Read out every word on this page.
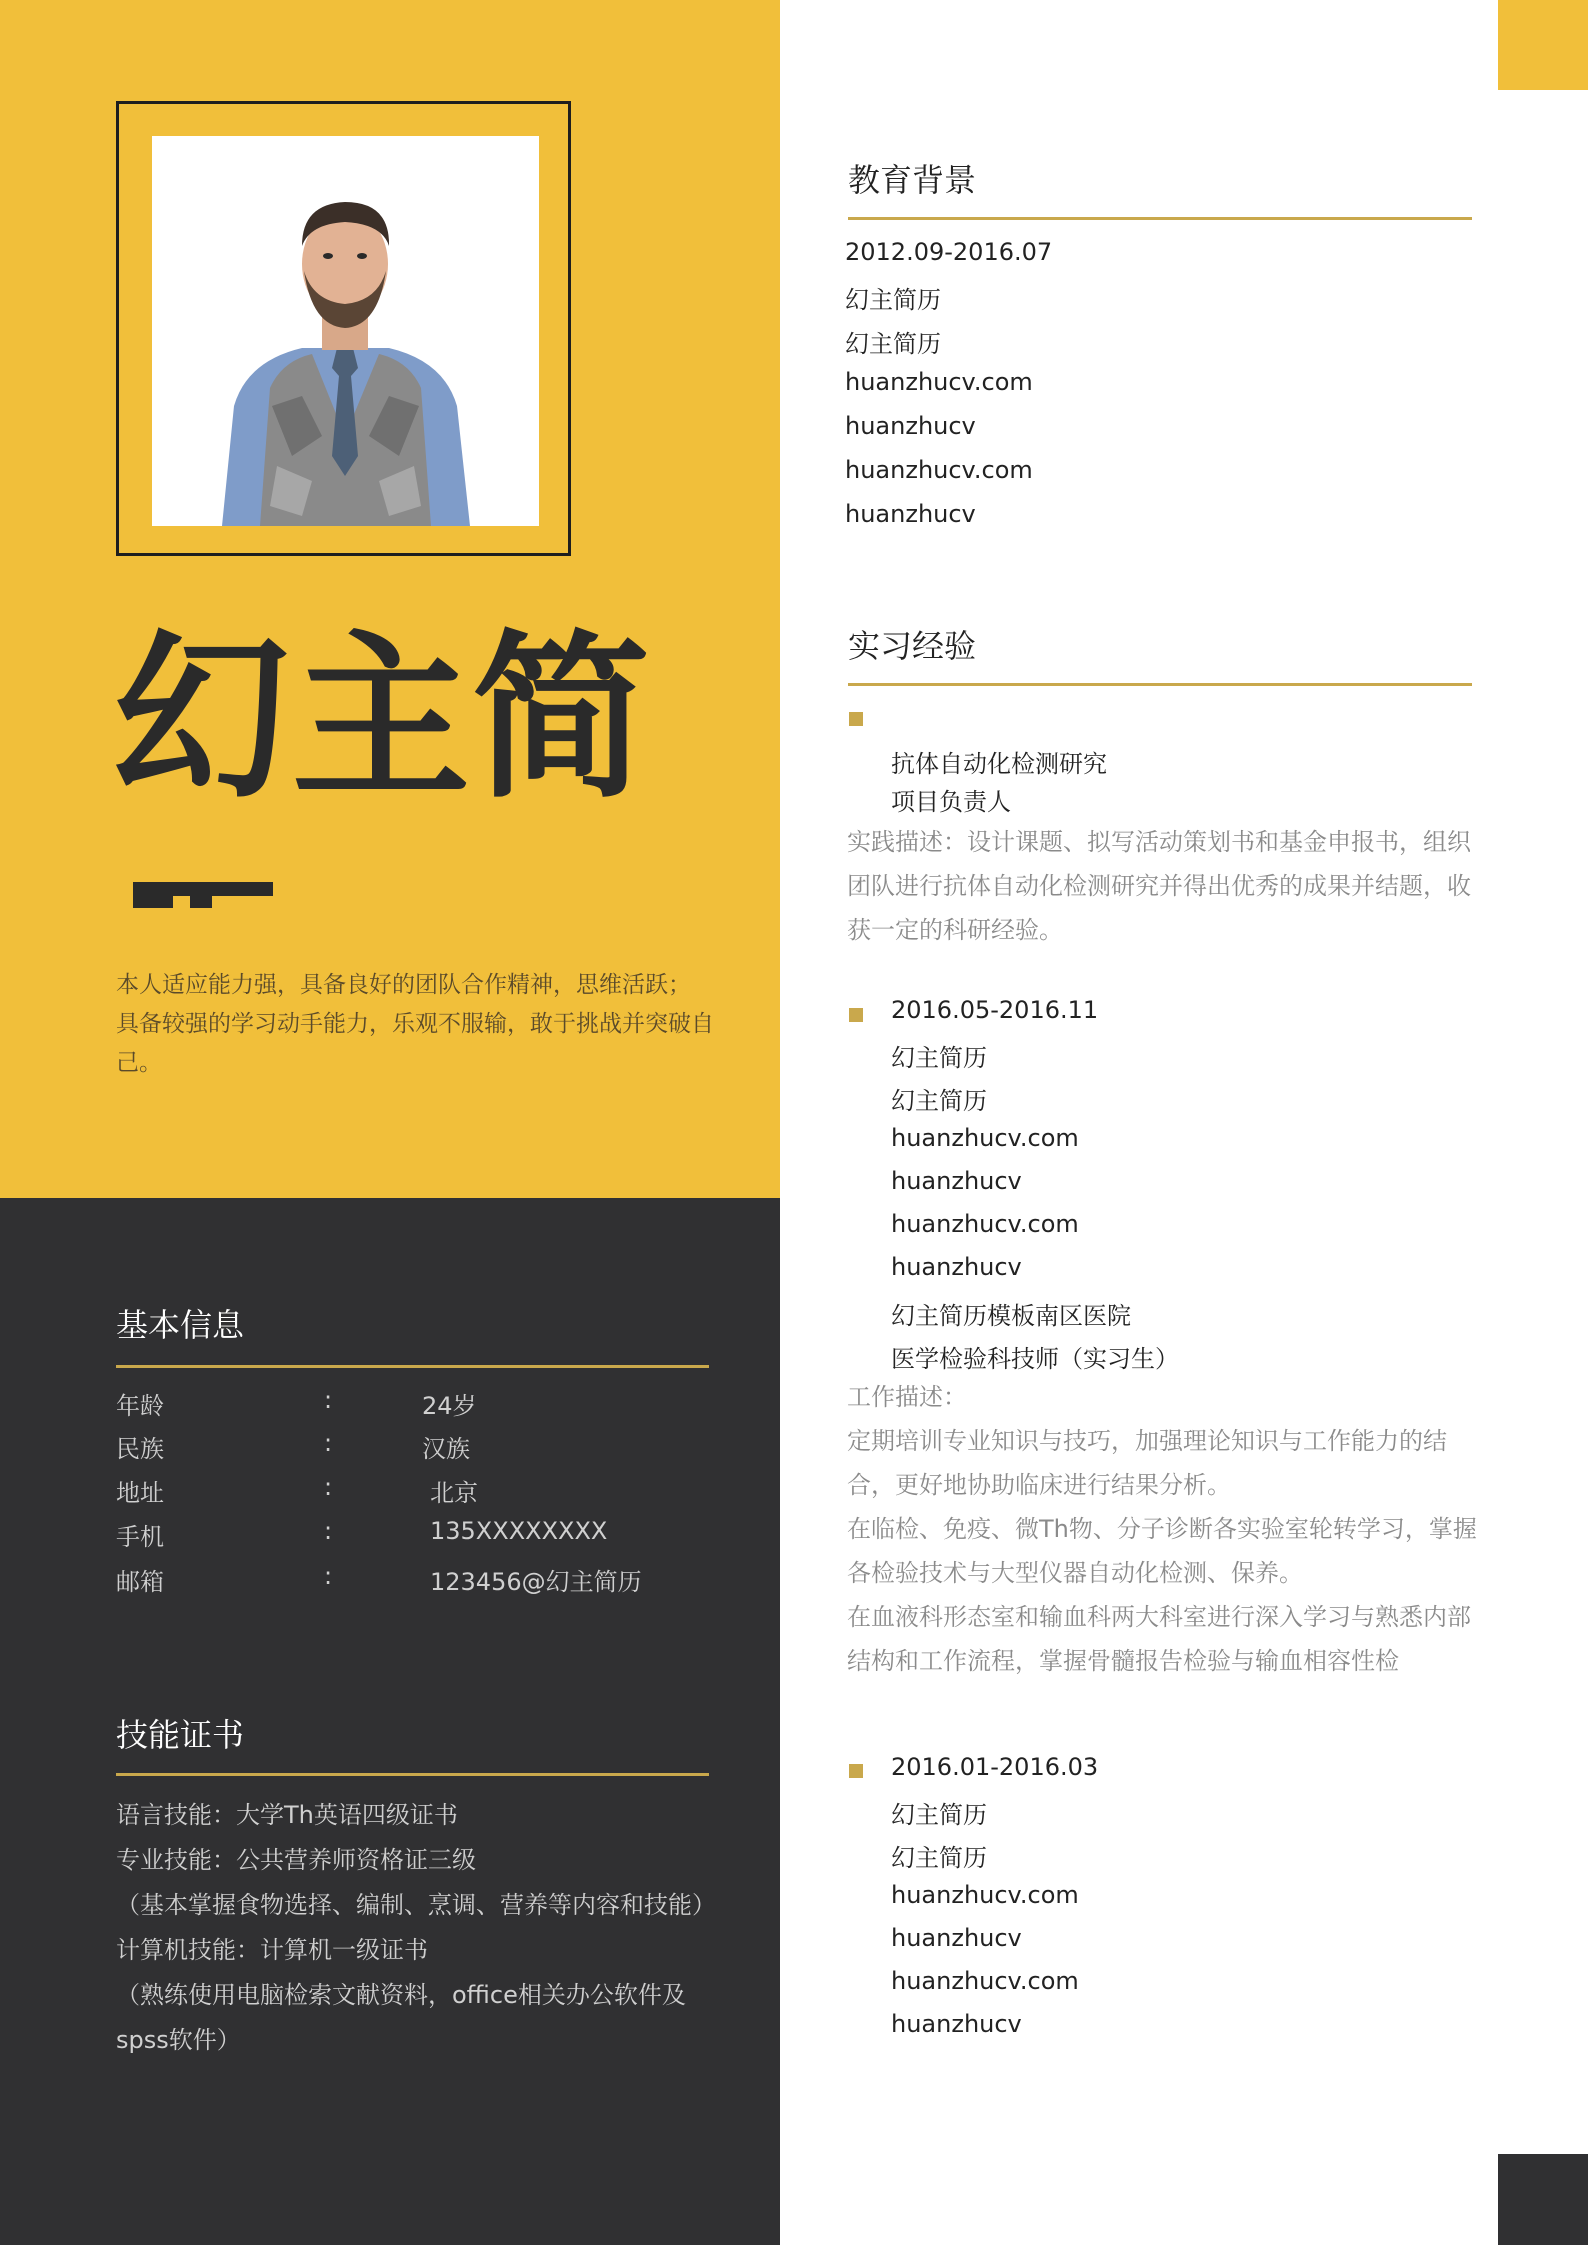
幻主简
本人适应能力强，具备良好的团队合作精神，思维活跃；
具备较强的学习动手能力，乐观不服输，敢于挑战并突破自己。
基本信息
年龄	:	24岁
民族	:	汉族
地址	:	北京
手机	:	135XXXXXXXX
邮箱	:	123456@幻主简历
技能证书
语言技能：大学Th英语四级证书
专业技能：公共营养师资格证三级
（基本掌握食物选择、编制、烹调、营养等内容和技能）
计算机技能：计算机一级证书
（熟练使用电脑检索文献资料，office相关办公软件及spss软件）
教育背景
2012.09-2016.07
幻主简历
幻主简历
huanzhucv.com
huanzhucv
huanzhucv.com
huanzhucv
实习经验
抗体自动化检测研究
项目负责人
实践描述：设计课题、拟写活动策划书和基金申报书，组织团队进行抗体自动化检测研究并得出优秀的成果并结题，收获一定的科研经验。
2016.05-2016.11
幻主简历
幻主简历
huanzhucv.com
huanzhucv
huanzhucv.com
huanzhucv
幻主简历模板南区医院
医学检验科技师（实习生）
工作描述：
定期培训专业知识与技巧，加强理论知识与工作能力的结合，更好地协助临床进行结果分析。
在临检、免疫、微Th物、分子诊断各实验室轮转学习，掌握各检验技术与大型仪器自动化检测、保养。
在血液科形态室和输血科两大科室进行深入学习与熟悉内部结构和工作流程，掌握骨髓报告检验与输血相容性检
2016.01-2016.03
幻主简历
幻主简历
huanzhucv.com
huanzhucv
huanzhucv.com
huanzhucv
